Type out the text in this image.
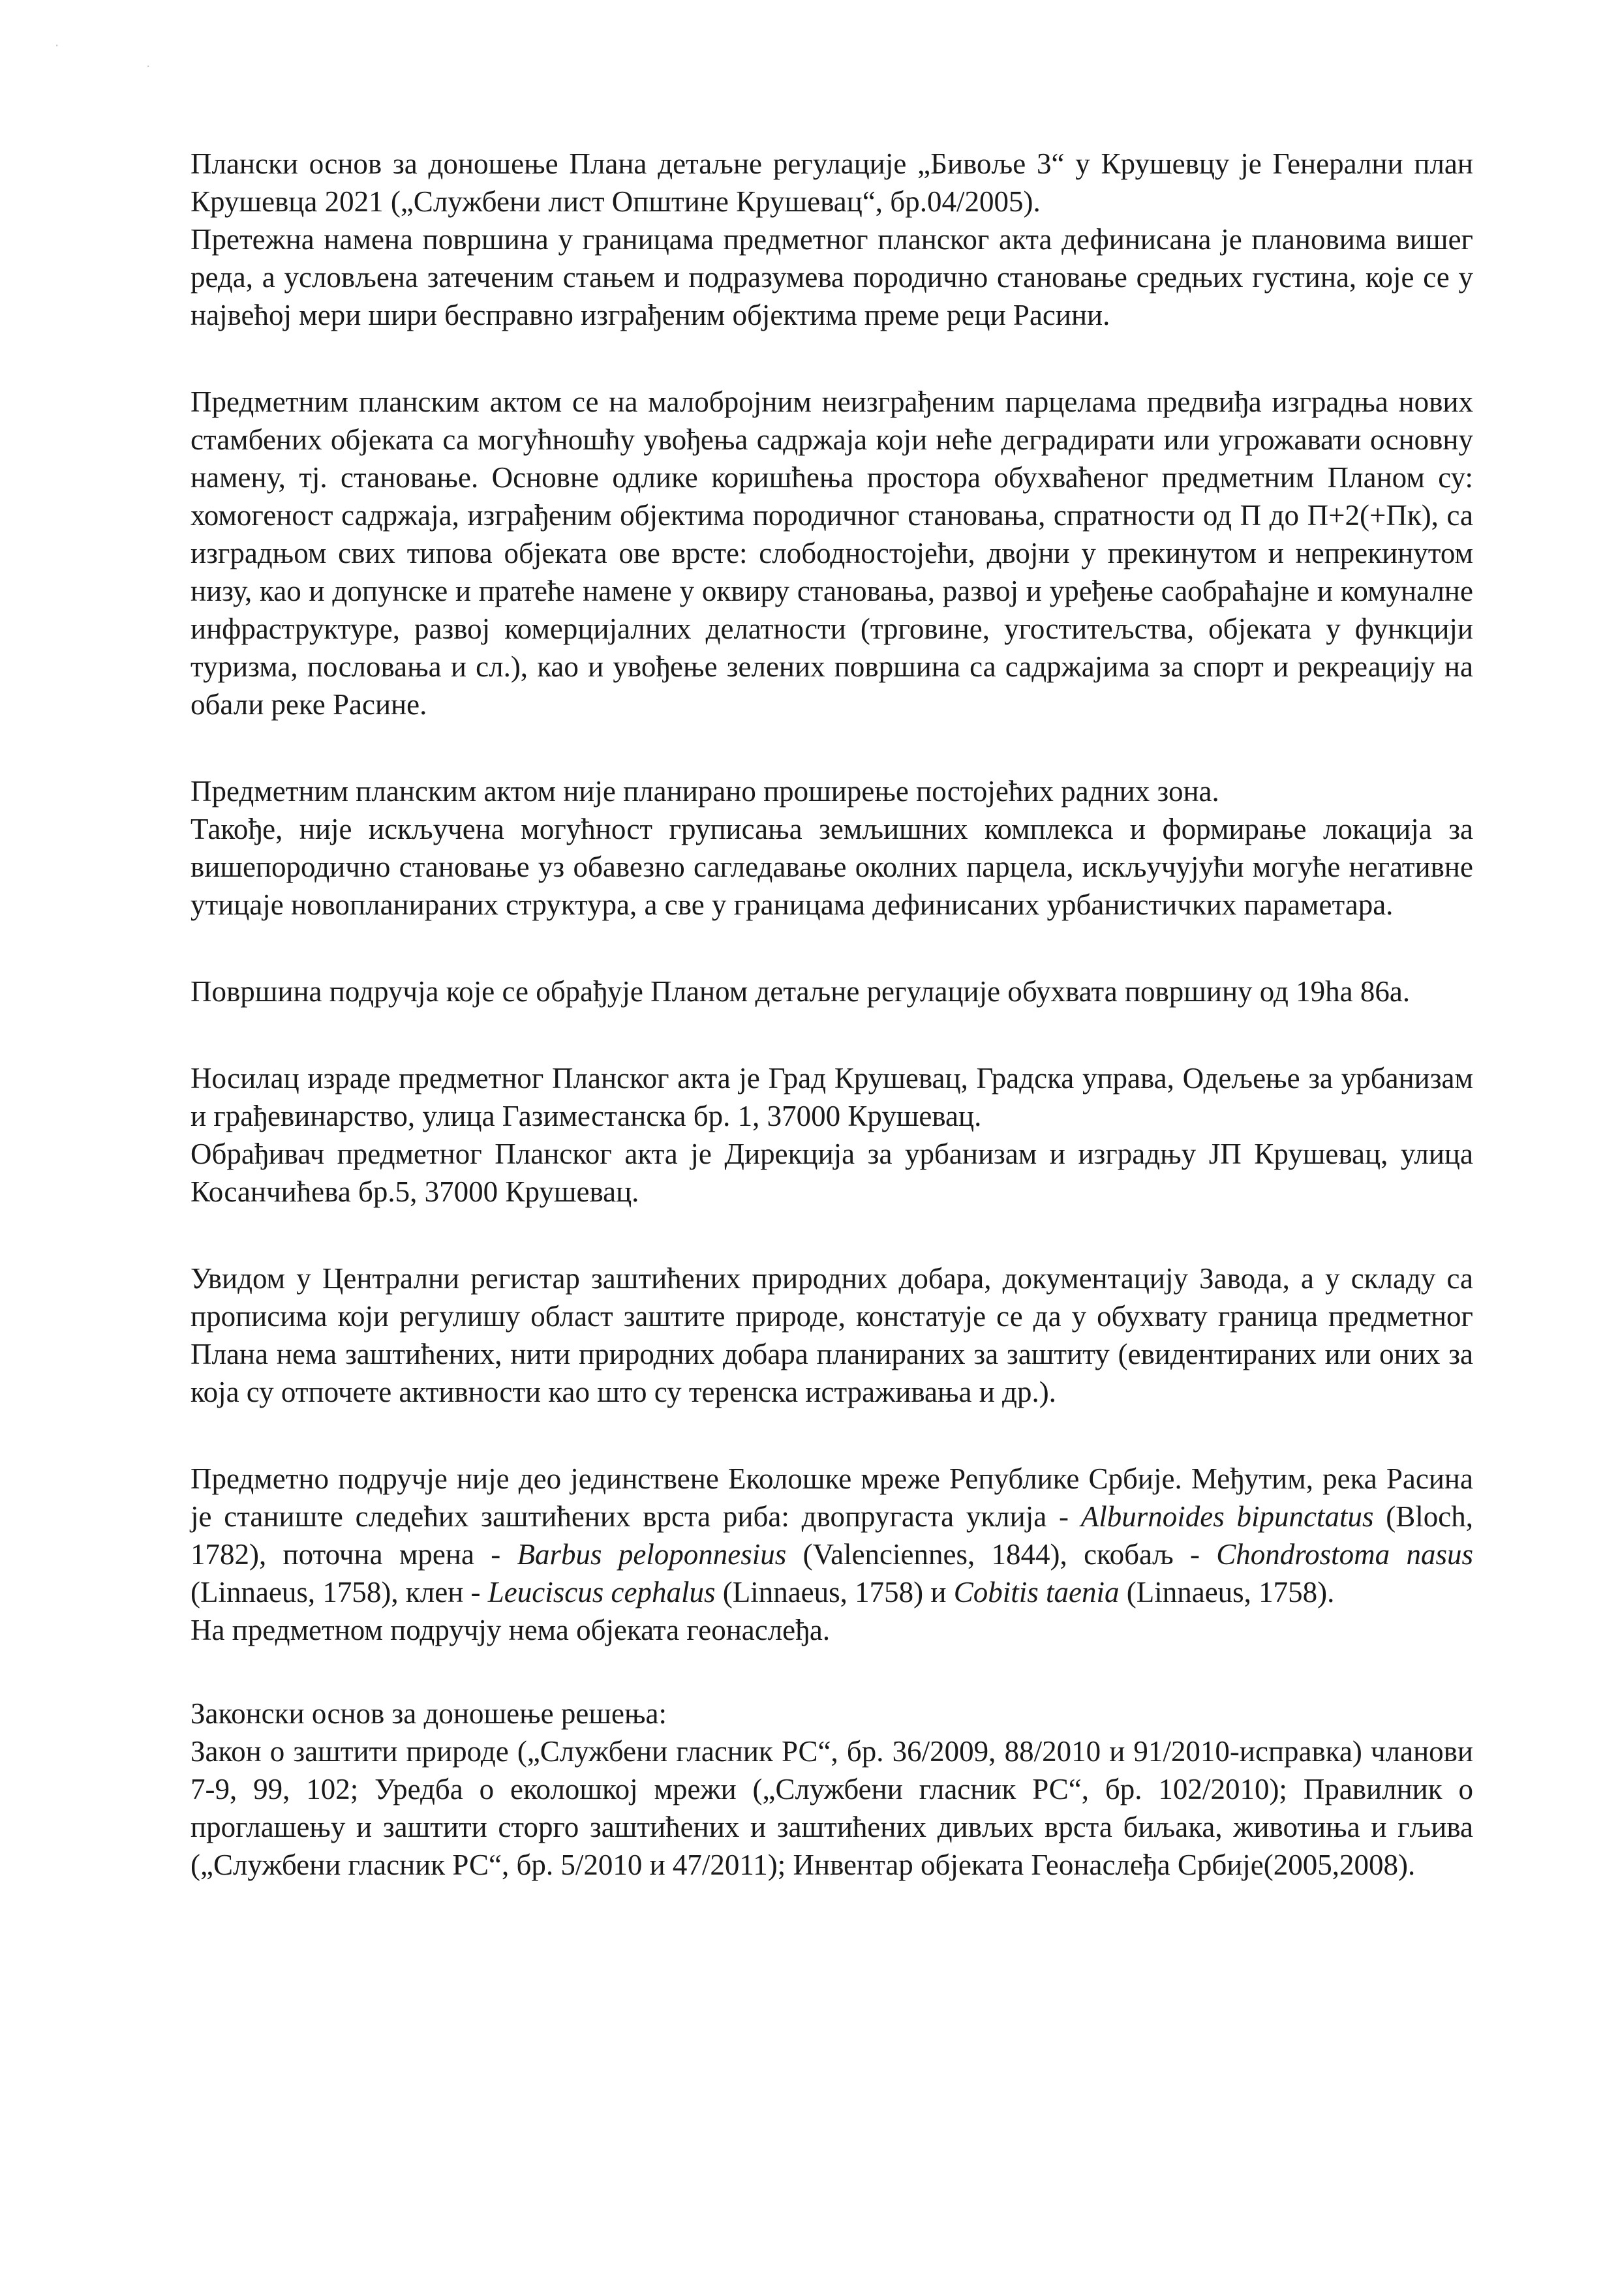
·
·

Плански основ за доношење Плана детаљне регулације „Бивоље 3“ у Крушевцу је Генерални план Крушевца 2021 („Службени лист Општине Крушевац“, бр.04/2005).

Претежна намена површина у границама предметног планског акта дефинисана је плановима вишег реда, а условљена затеченим стањем и подразумева породично становање средњих густина, које се у највећој мери шири бесправно изграђеним објектима преме реци Расини.

Предметним планским актом се на малобројним неизграђеним парцелама предвиђа изградња нових стамбених објеката са могућношћу увођења садржаја који неће деградирати или угрожавати основну намену, тј. становање. Основне одлике коришћења простора обухваћеног предметним Планом су: хомогеност садржаја, изграђеним објектима породичног становања, спратности од П до П+2(+Пк), са изградњом свих типова објеката ове врсте: слободностојећи, двојни у прекинутом и непрекинутом низу, као и допунске и пратеће намене у оквиру становања, развој и уређење саобраћајне и комуналне инфраструктуре, развој комерцијалних делатности (трговине, угоститељства, објеката у функцији туризма, пословања и сл.), као и увођење зелених површина са садржајима за спорт и рекреацију на обали реке Расине.

Предметним планским актом није планирано проширење постојећих радних зона.

Такође, није искључена могућност груписања земљишних комплекса и формирање локација за вишепородично становање уз обавезно сагледавање околних парцела, искључујући могуће негативне утицаје новопланираних структура, а све у границама дефинисаних урбанистичких параметара.

Површина подручја које се обрађује Планом детаљне регулације обухвата површину од 19ha 86a.

Носилац израде предметног Планског акта је Град Крушевац, Градска управа, Одељење за урбанизам и грађевинарство, улица Газиместанска бр. 1, 37000 Крушевац.

Обрађивач предметног Планског акта је Дирекција за урбанизам и изградњу ЈП Крушевац, улица Косанчићева бр.5, 37000 Крушевац.

Увидом у Централни регистар заштићених природних добара, документацију Завода, а у складу са прописима који регулишу област заштите природе, констатује се да у обухвату граница предметног Плана нема заштићених, нити природних добара планираних за заштиту (евидентираних или оних за која су отпочете активности као што су теренска истраживања и др.).

Предметно подручје није део јединствене Еколошке мреже Републике Србије. Међутим, река Расина је станиште следећих заштићених врста риба: двопругаста уклија - Alburnoides bipunctatus (Bloch, 1782), поточна мрена - Barbus peloponnesius (Valenciennes, 1844), скобаљ - Chondrostoma nasus (Linnaeus, 1758), клен - Leuciscus cephalus (Linnaeus, 1758) и Cobitis taenia (Linnaeus, 1758).

На предметном подручју нема објеката геонаслеђа.

Законски основ за доношење решења:

Закон о заштити природе („Службени гласник РС“, бр. 36/2009, 88/2010 и 91/2010-исправка) чланови 7-9, 99, 102; Уредба о еколошкој мрежи („Службени гласник РС“, бр. 102/2010); Правилник о проглашењу и заштити сторго заштићених и заштићених дивљих врста биљака, животиња и гљива („Службени гласник РС“, бр. 5/2010 и 47/2011); Инвентар објеката Геонаслеђа Србије(2005,2008).
